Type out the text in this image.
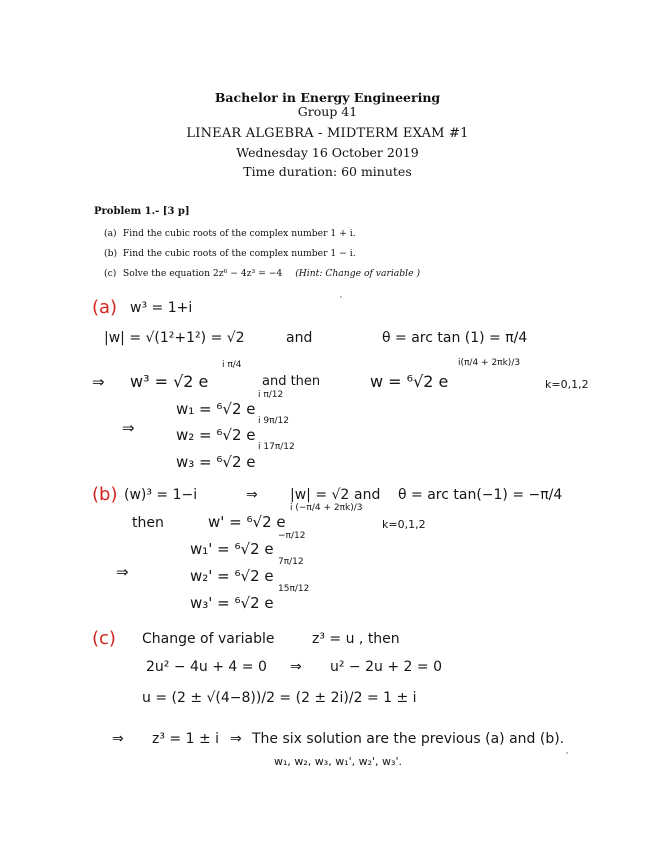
Bachelor in Energy Engineering
Group 41
LINEAR ALGEBRA - MIDTERM EXAM #1
Wednesday 16 October 2019
Time duration: 60 minutes
Problem 1.- [3 p]
(a) Find the cubic roots of the complex number 1 + i.
(b) Find the cubic roots of the complex number 1 − i.
(c) Solve the equation 2z⁶ − 4z³ = −4 (Hint: Change of variable )
(a) w³ = 1+i
|w| = √(1²+1²) = √2	and	θ = arc tan (1) = π/4
⇒ w³ = √2 e
i π/4
and then	w = ⁶√2 e
i(π/4 + 2πk)/3
k=0,1,2
⇒
w₁ = ⁶√2 e
i π/12
w₂ = ⁶√2 e
i 9π/12
w₃ = ⁶√2 e
i 17π/12
(b) (w)³ = 1−i	⇒ |w| = √2 and θ = arc tan(−1) = −π/4
then	w' = ⁶√2 e
i (−π/4 + 2πk)/3
k=0,1,2
⇒
w₁' = ⁶√2 e
−π/12
w₂' = ⁶√2 e
7π/12
w₃' = ⁶√2 e
15π/12
(c) Change of variable	z³ = u , then
2u² − 4u + 4 = 0 ⇒ u² − 2u + 2 = 0
u = (2 ± √(4−8))/2 = (2 ± 2i)/2 = 1 ± i
⇒ z³ = 1 ± i ⇒ The six solution are the previous (a) and (b).
w₁, w₂, w₃, w₁', w₂', w₃'.
